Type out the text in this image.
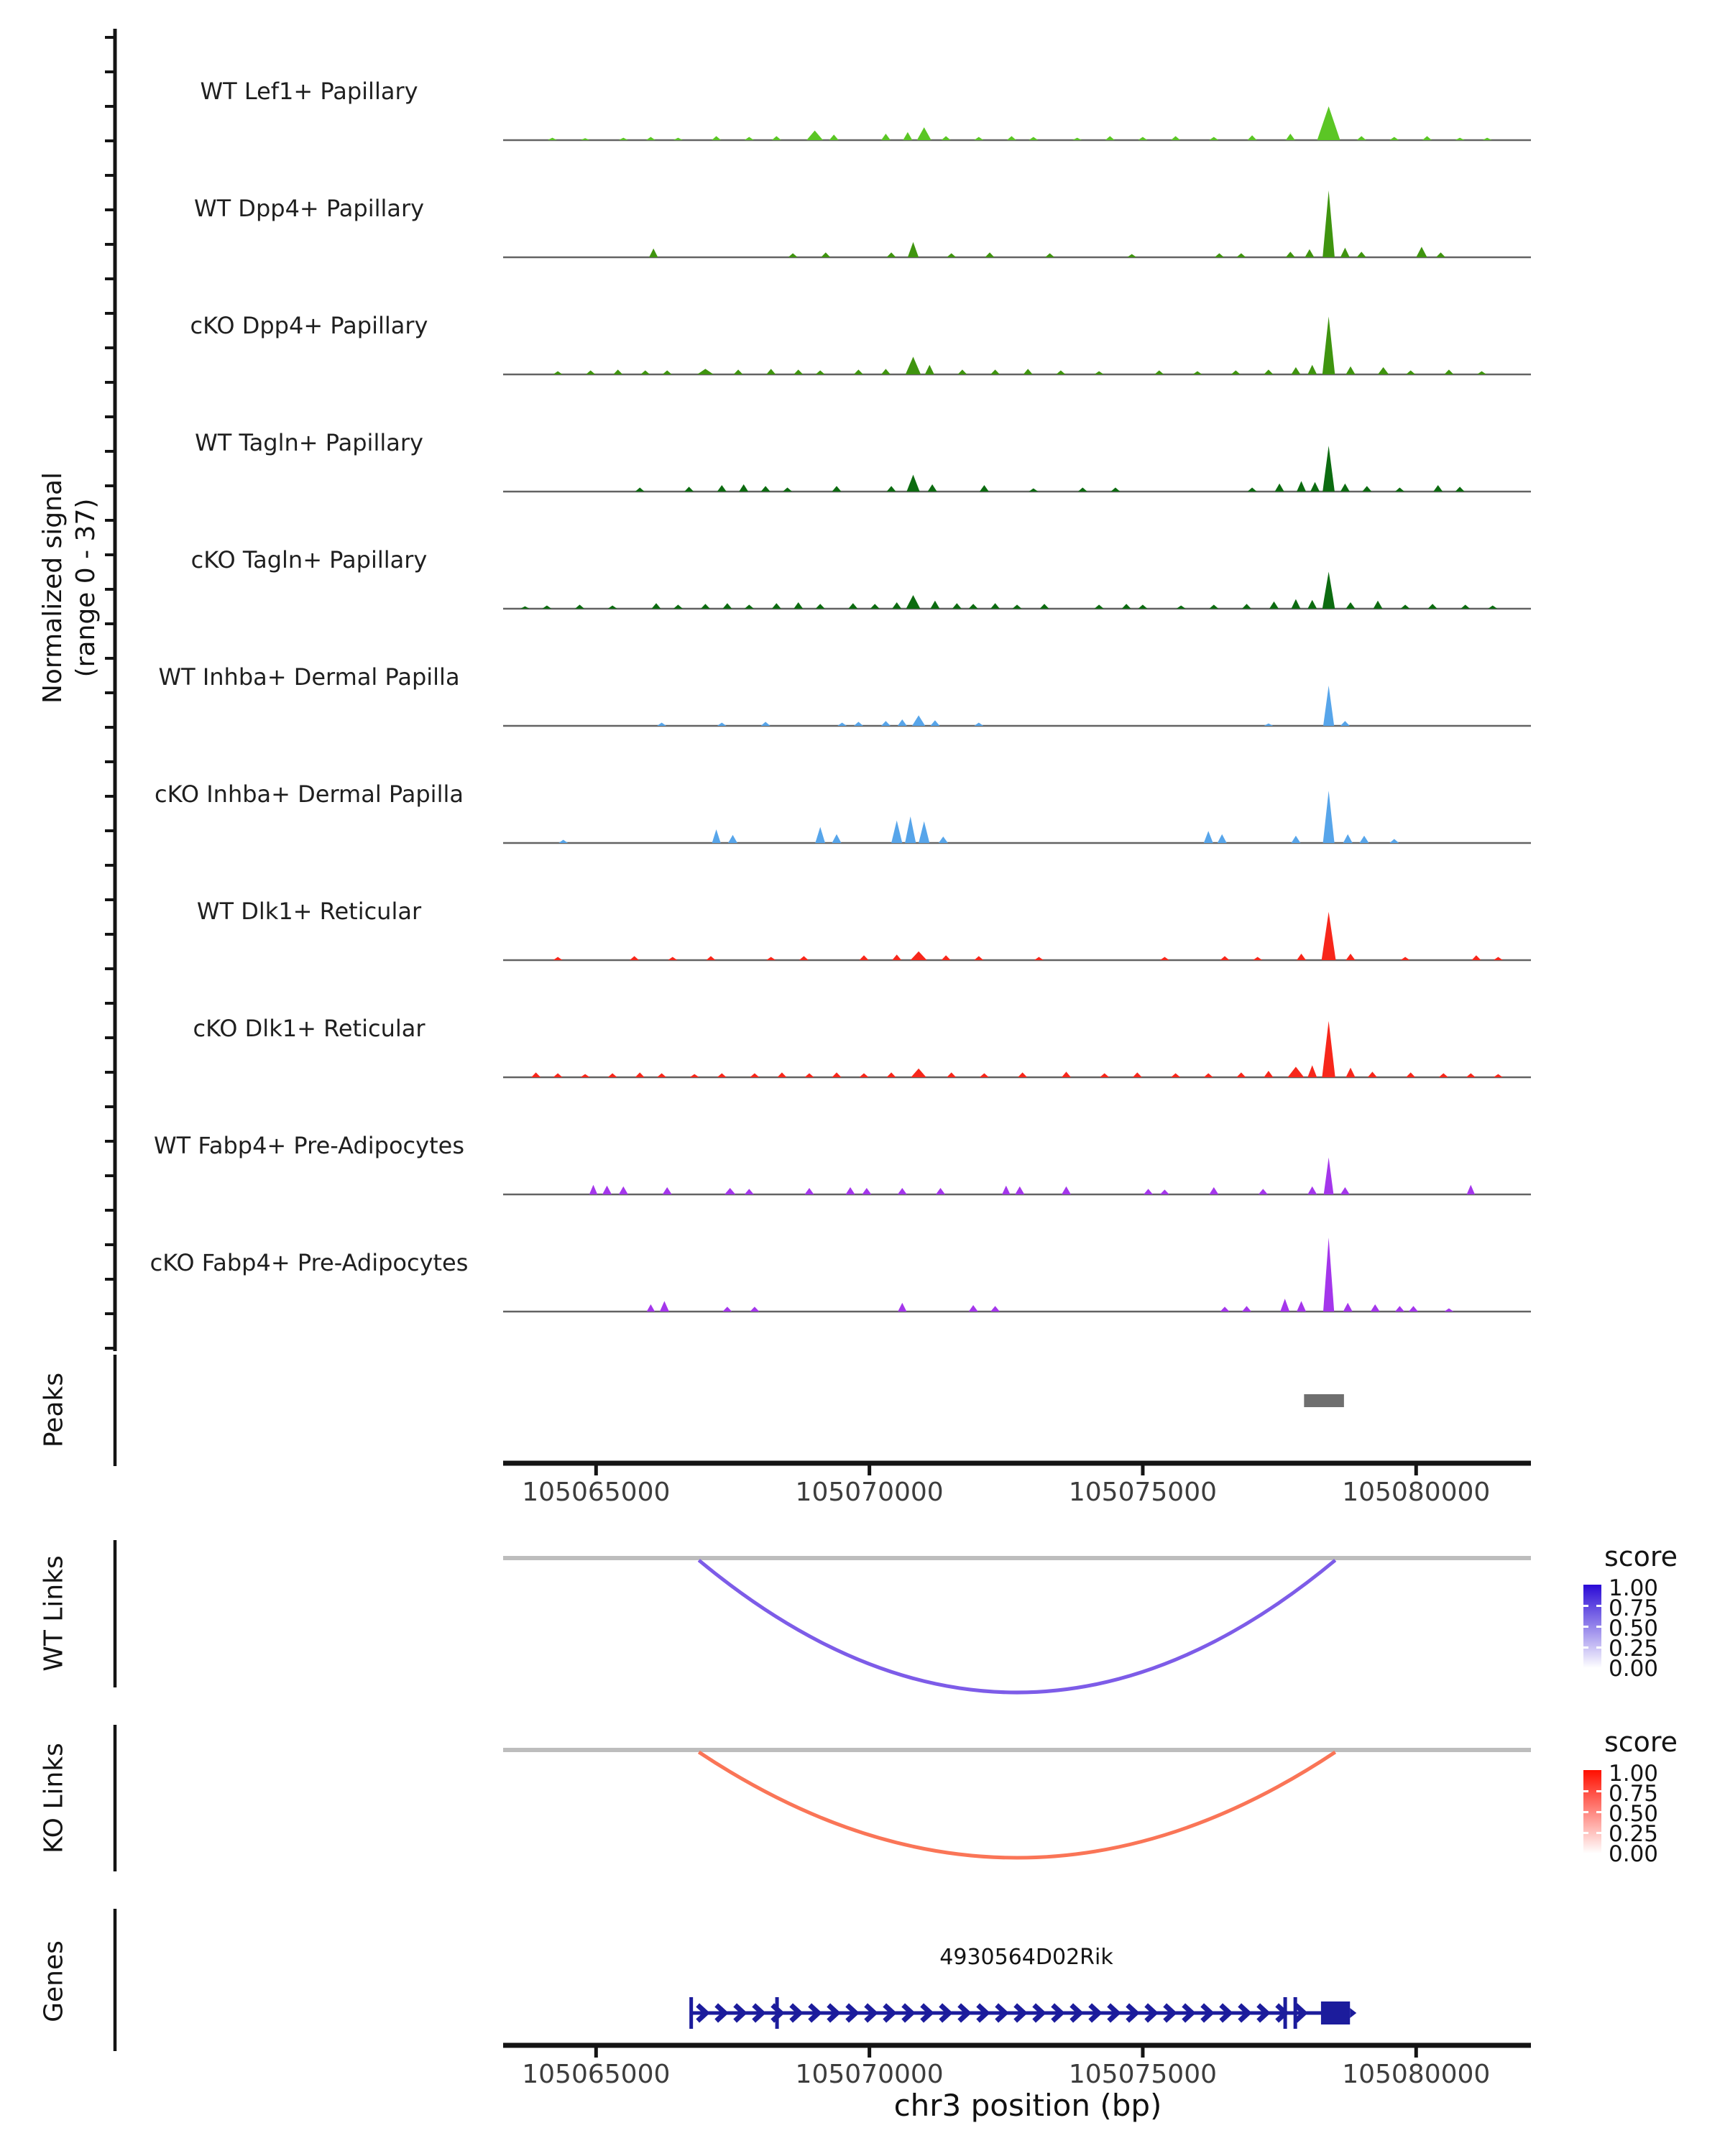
105065000	105070000	105075000	105080000
105065000	105070000	105075000	105080000
Normalized signal (range 0 - 37)
Peaks
WT Links
KO Links
Genes
WT Lef1+ Papillary
WT Dpp4+ Papillary
cKO Dpp4+ Papillary
WT Tagln+ Papillary
cKO Tagln+ Papillary
WT Inhba+ Dermal Papilla
cKO Inhba+ Dermal Papilla
WT Dlk1+ Reticular
cKO Dlk1+ Reticular
WT Fabp4+ Pre-Adipocytes
cKO Fabp4+ Pre-Adipocytes
score
1.00
0.75
0.50
0.25
0.00
score
1.00
0.75
0.50
0.25
0.00
4930564D02Rik
chr3 position (bp)
